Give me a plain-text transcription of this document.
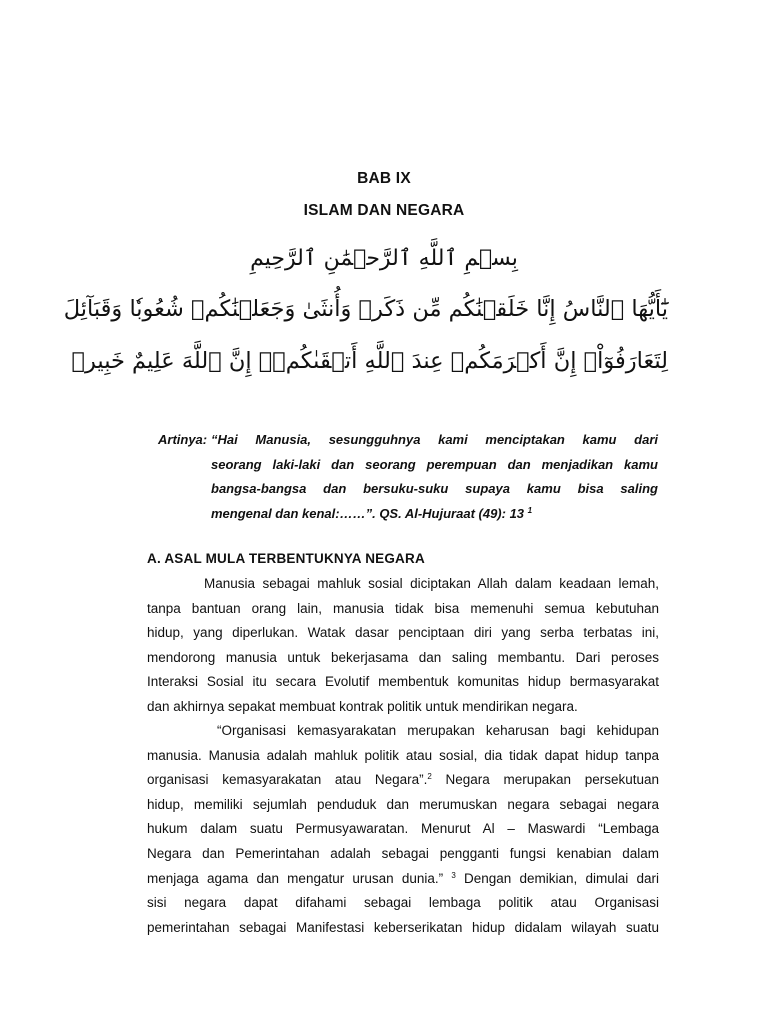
BAB IX
ISLAM DAN NEGARA
بِسۡمِ ٱللَّهِ ٱلرَّحۡمَٰنِ ٱلرَّحِيمِ
يَٰٓأَيُّهَا ٱلنَّاسُ إِنَّا خَلَقۡنَٰكُم مِّن ذَكَرٖ وَأُنثَىٰ وَجَعَلۡنَٰكُمۡ شُعُوبٗا وَقَبَآئِلَ
لِتَعَارَفُوٓاْۚ إِنَّ أَكۡرَمَكُمۡ عِندَ ٱللَّهِ أَتۡقَىٰكُمۡۚ إِنَّ ٱللَّهَ عَلِيمٌ خَبِيرٞ
Artinya: “Hai Manusia, sesungguhnya kami menciptakan kamu dari
seorang laki-laki dan seorang perempuan dan menjadikan kamu
bangsa-bangsa dan bersuku-suku supaya kamu bisa saling
mengenal dan kenal:……”. QS. Al-Hujuraat (49): 13 $^1$
A. ASAL MULA TERBENTUKNYA NEGARA
Manusia sebagai mahluk sosial diciptakan Allah dalam keadaan lemah,
tanpa bantuan orang lain, manusia tidak bisa memenuhi semua kebutuhan
hidup, yang diperlukan. Watak dasar penciptaan diri yang serba terbatas ini,
mendorong manusia untuk bekerjasama dan saling membantu. Dari peroses
Interaksi Sosial itu secara Evolutif membentuk komunitas hidup bermasyarakat
dan akhirnya sepakat membuat kontrak politik untuk mendirikan negara.
“Organisasi kemasyarakatan merupakan keharusan bagi kehidupan
manusia. Manusia adalah mahluk politik atau sosial, dia tidak dapat hidup tanpa
organisasi kemasyarakatan atau Negara”.$^2$ Negara merupakan persekutuan
hidup, memiliki sejumlah penduduk dan merumuskan negara sebagai negara
hukum dalam suatu Permusyawaratan. Menurut Al – Maswardi “Lembaga
Negara dan Pemerintahan adalah sebagai pengganti fungsi kenabian dalam
menjaga agama dan mengatur urusan dunia.” $^3$ Dengan demikian, dimulai dari
sisi negara dapat difahami sebagai lembaga politik atau Organisasi
pemerintahan sebagai Manifestasi keberserikatan hidup didalam wilayah suatu
